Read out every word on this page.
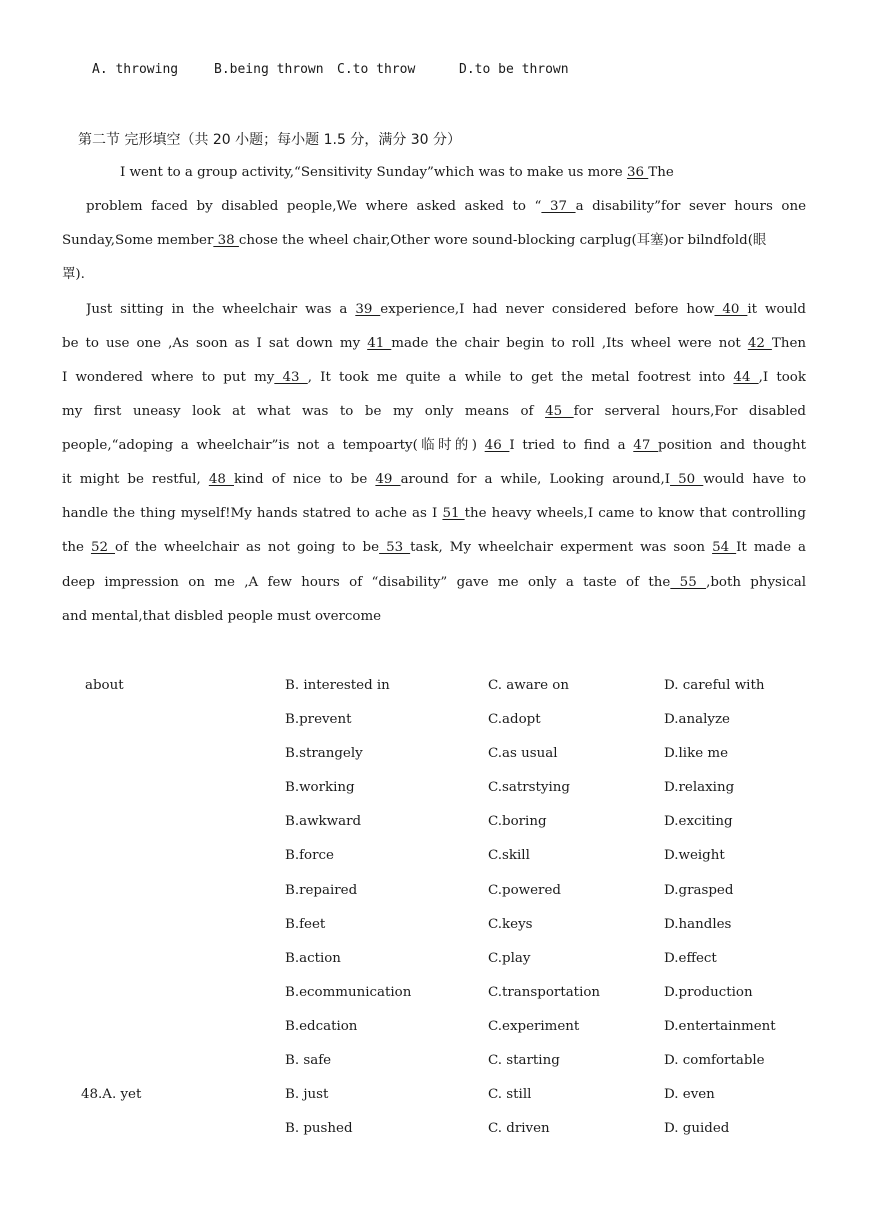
A. throwing	B.being thrown C.to throw	D.to be thrown
第二节 完形填空（共 20 小题；每小题 1.5 分，满分 30 分）
I went to a group activity,“Sensitivity Sunday”which was to make us more 36 The
problem faced by disabled people,We where asked asked to “ 37 a disability”for sever hours one
Sunday,Some member 38 chose the wheel chair,Other wore sound-blocking carplug(耳塞)or bilndfold(眼
罩).
Just sitting in the wheelchair was a 39 experience,I had never considered before how 40 it would
be to use one ,As soon as I sat down my 41 made the chair begin to roll ,Its wheel were not 42 Then
I wondered where to put my 43 , It took me quite a while to get the metal footrest into 44 ,I took
my first uneasy look at what was to be my only means of 45 for serveral hours,For disabled
people,“adoping a wheelchair”is not a tempoarty(临时的) 46 I tried to find a 47 position and thought
it might be restful, 48 kind of nice to be 49 around for a while, Looking around,I 50 would have to
handle the thing myself!My hands statred to ache as I 51 the heavy wheels,I came to know that controlling
the 52 of the wheelchair as not going to be 53 task, My wheelchair experment was soon 54 It made a
deep impression on me ,A few hours of “disability” gave me only a taste of the 55 ,both physical
and mental,that disbled people must overcome
about	B. interested in	C. aware on	D. careful with
B.prevent	C.adopt	D.analyze
B.strangely	C.as usual	D.like me
B.working	C.satrstying	D.relaxing
B.awkward	C.boring	D.exciting
B.force	C.skill	D.weight
B.repaired	C.powered	D.grasped
B.feet	C.keys	D.handles
B.action	C.play	D.effect
B.ecommunication	C.transportation	D.production
B.edcation	C.experiment	D.entertainment
B. safe	C. starting	D. comfortable
48.A. yet	B. just	C. still	D. even
B. pushed	C. driven	D. guided
